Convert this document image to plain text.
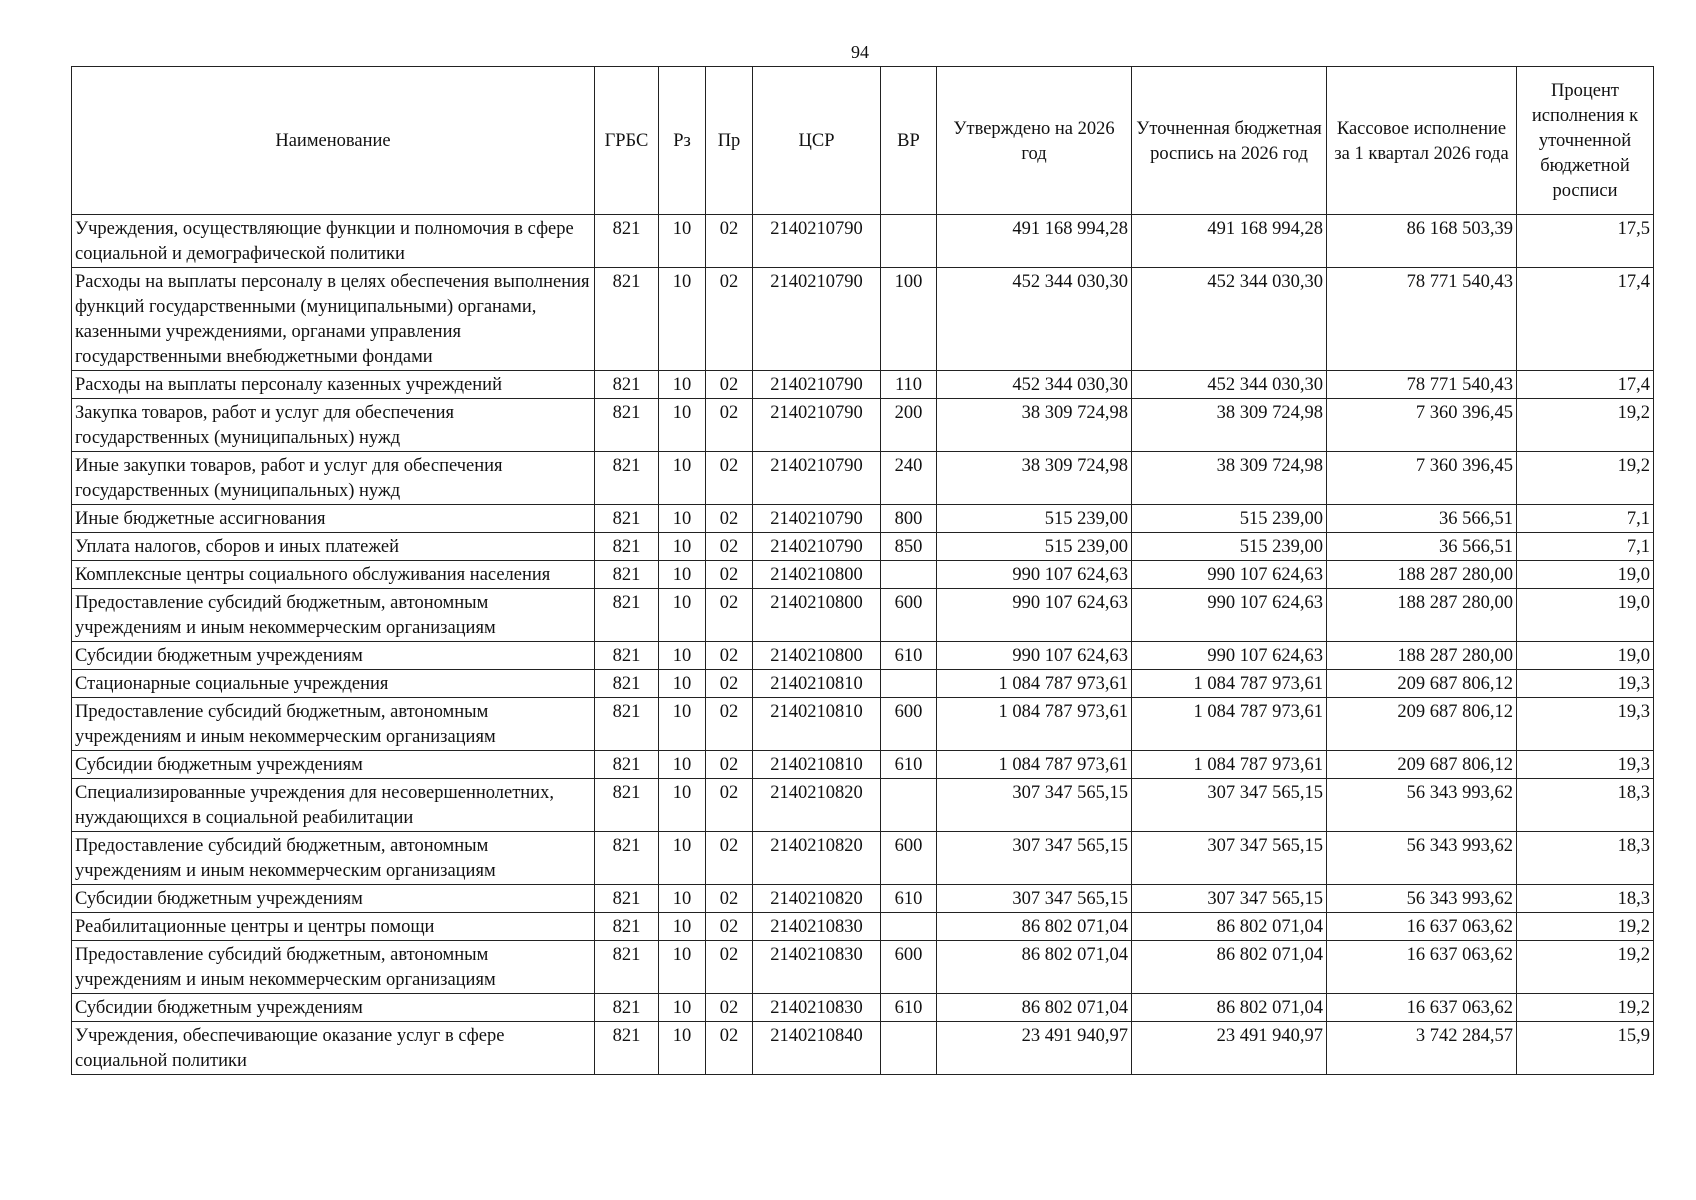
94
Наименование	ГРБС	Рз	Пр	ЦСР	ВР	Утверждено на 2026 год	Уточненная бюджетная роспись на 2026 год	Кассовое исполнение за 1 квартал 2026 года	Процент исполнения к уточненной бюджетной росписи
Учреждения, осуществляющие функции и полномочия в сфере социальной и демографической политики	821	10	02	2140210790		491 168 994,28	491 168 994,28	86 168 503,39	17,5
Расходы на выплаты персоналу в целях обеспечения выполнения функций государственными (муниципальными) органами, казенными учреждениями, органами управления государственными внебюджетными фондами	821	10	02	2140210790	100	452 344 030,30	452 344 030,30	78 771 540,43	17,4
Расходы на выплаты персоналу казенных учреждений	821	10	02	2140210790	110	452 344 030,30	452 344 030,30	78 771 540,43	17,4
Закупка товаров, работ и услуг для обеспечения государственных (муниципальных) нужд	821	10	02	2140210790	200	38 309 724,98	38 309 724,98	7 360 396,45	19,2
Иные закупки товаров, работ и услуг для обеспечения государственных (муниципальных) нужд	821	10	02	2140210790	240	38 309 724,98	38 309 724,98	7 360 396,45	19,2
Иные бюджетные ассигнования	821	10	02	2140210790	800	515 239,00	515 239,00	36 566,51	7,1
Уплата налогов, сборов и иных платежей	821	10	02	2140210790	850	515 239,00	515 239,00	36 566,51	7,1
Комплексные центры социального обслуживания населения	821	10	02	2140210800		990 107 624,63	990 107 624,63	188 287 280,00	19,0
Предоставление субсидий бюджетным, автономным учреждениям и иным некоммерческим организациям	821	10	02	2140210800	600	990 107 624,63	990 107 624,63	188 287 280,00	19,0
Субсидии бюджетным учреждениям	821	10	02	2140210800	610	990 107 624,63	990 107 624,63	188 287 280,00	19,0
Стационарные социальные учреждения	821	10	02	2140210810		1 084 787 973,61	1 084 787 973,61	209 687 806,12	19,3
Предоставление субсидий бюджетным, автономным учреждениям и иным некоммерческим организациям	821	10	02	2140210810	600	1 084 787 973,61	1 084 787 973,61	209 687 806,12	19,3
Субсидии бюджетным учреждениям	821	10	02	2140210810	610	1 084 787 973,61	1 084 787 973,61	209 687 806,12	19,3
Специализированные учреждения для несовершеннолетних, нуждающихся в социальной реабилитации	821	10	02	2140210820		307 347 565,15	307 347 565,15	56 343 993,62	18,3
Предоставление субсидий бюджетным, автономным учреждениям и иным некоммерческим организациям	821	10	02	2140210820	600	307 347 565,15	307 347 565,15	56 343 993,62	18,3
Субсидии бюджетным учреждениям	821	10	02	2140210820	610	307 347 565,15	307 347 565,15	56 343 993,62	18,3
Реабилитационные центры и центры помощи	821	10	02	2140210830		86 802 071,04	86 802 071,04	16 637 063,62	19,2
Предоставление субсидий бюджетным, автономным учреждениям и иным некоммерческим организациям	821	10	02	2140210830	600	86 802 071,04	86 802 071,04	16 637 063,62	19,2
Субсидии бюджетным учреждениям	821	10	02	2140210830	610	86 802 071,04	86 802 071,04	16 637 063,62	19,2
Учреждения, обеспечивающие оказание услуг в сфере социальной политики	821	10	02	2140210840		23 491 940,97	23 491 940,97	3 742 284,57	15,9
